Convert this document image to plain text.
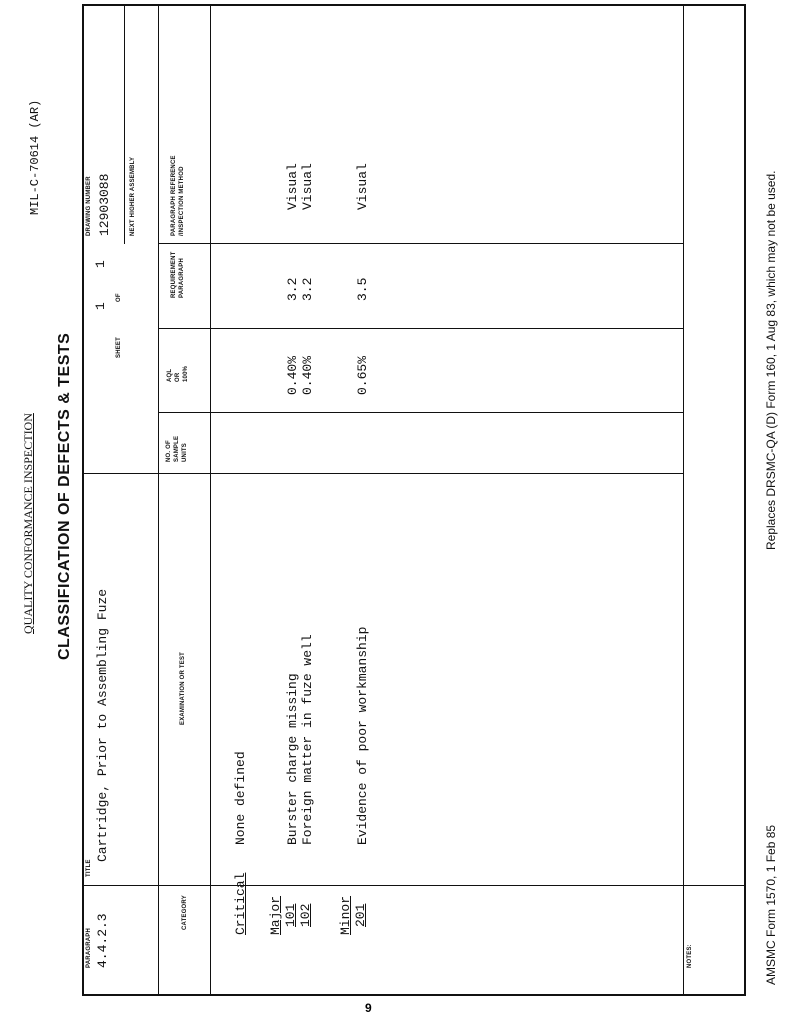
QUALITY CONFORMANCE INSPECTION CLASSIFICATION OF DEFECTS & TESTS
MIL-C-70614 (AR)
PARAGRAPH 4.4.2.3
TITLE
Cartridge, Prior to Assembling Fuze
SHEET
1
OF
1
DRAWING NUMBER 12903088	NEXT HIGHER ASSEMBLY
CATEGORY
EXAMINATION OR TEST
NO. OF
SAMPLE
UNITS
AQL
OR
100%
REQUIREMENT
PARAGRAPH
PARAGRAPH REFERENCE
/INSPECTION METHOD
Critical
None defined
Major 101
102
Burster charge missing
Foreign matter in fuze well
0.40%
0.40%
3.2
3.2
Visual
Visual
Minor 201
Evidence of poor workmanship
0.65%
3.5
Visual
NOTES:	AMSMC Form 1570, 1 Feb 85
Replaces DRSMC-QA (D) Form 160, 1 Aug 83, which may not be used.
9
